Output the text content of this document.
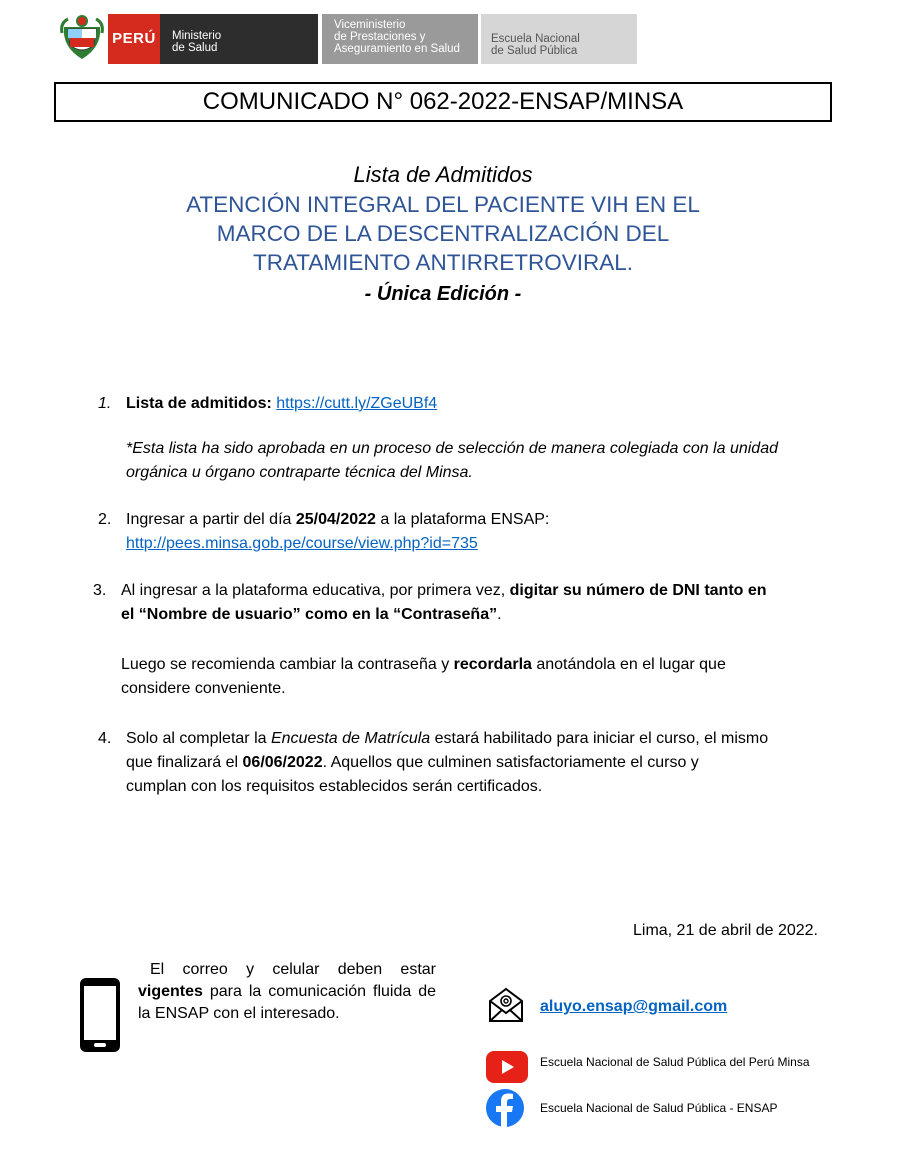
PERÚ Ministerio
de Salud
Viceministerio
de Prestaciones y
Aseguramiento en Salud
Escuela Nacional
de Salud Pública
COMUNICADO N° 062-2022-ENSAP/MINSA
Lista de Admitidos
ATENCIÓN INTEGRAL DEL PACIENTE VIH EN EL
MARCO DE LA DESCENTRALIZACIÓN DEL
TRATAMIENTO ANTIRRETROVIRAL.
- Única Edición -
1. Lista de admitidos: https://cutt.ly/ZGeUBf4
*Esta lista ha sido aprobada en un proceso de selección de manera colegiada con la unidad
orgánica u órgano contraparte técnica del Minsa.
2. Ingresar a partir del día 25/04/2022 a la plataforma ENSAP:
http://pees.minsa.gob.pe/course/view.php?id=735
3. Al ingresar a la plataforma educativa, por primera vez, digitar su número de DNI tanto en
el “Nombre de usuario” como en la “Contraseña”.
Luego se recomienda cambiar la contraseña y recordarla anotándola en el lugar que
considere conveniente.
4. Solo al completar la Encuesta de Matrícula estará habilitado para iniciar el curso, el mismo
que finalizará el 06/06/2022. Aquellos que culminen satisfactoriamente el curso y
cumplan con los requisitos establecidos serán certificados.
Lima, 21 de abril de 2022.
El correo y celular deben estar vigentes para la comunicación fluida de la ENSAP con el interesado.	aluyo.ensap@gmail.com
Escuela Nacional de Salud Pública del Perú Minsa
Escuela Nacional de Salud Pública - ENSAP
